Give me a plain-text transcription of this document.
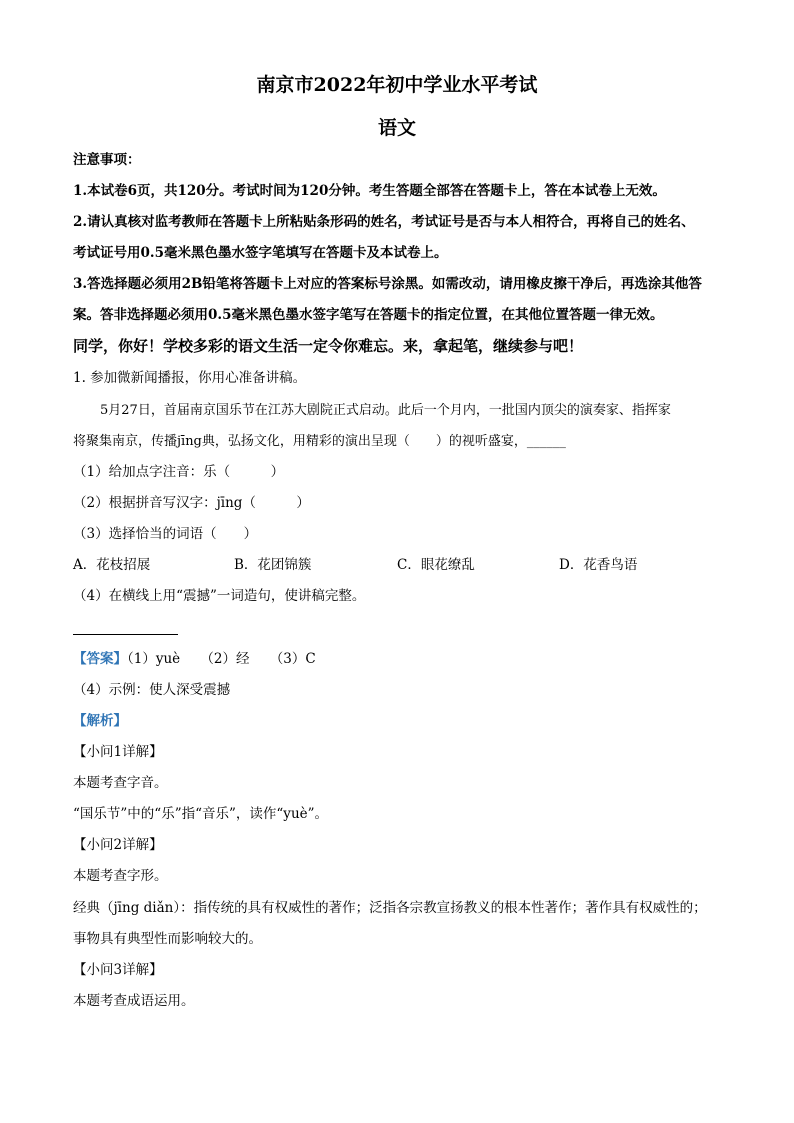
南京市2022年初中学业水平考试
语文
注意事项：
1.本试卷6页，共120分。考试时间为120分钟。考生答题全部答在答题卡上，答在本试卷上无效。
2.请认真核对监考教师在答题卡上所粘贴条形码的姓名，考试证号是否与本人相符合，再将自己的姓名、
考试证号用0.5毫米黑色墨水签字笔填写在答题卡及本试卷上。
3.答选择题必须用2B铅笔将答题卡上对应的答案标号涂黑。如需改动，请用橡皮擦干净后，再选涂其他答
案。答非选择题必须用0.5毫米黑色墨水签字笔写在答题卡的指定位置，在其他位置答题一律无效。
同学，你好！学校多彩的语文生活一定令你难忘。来，拿起笔，继续参与吧！
1. 参加微新闻播报，你用心准备讲稿。
5月27日，首届南京国乐节在江苏大剧院正式启动。此后一个月内，一批国内顶尖的演奏家、指挥家
将聚集南京，传播jīng典，弘扬文化，用精彩的演出呈现（　　）的视听盛宴，______
（1）给加点字注音：乐（　　　）
（2）根据拼音写汉字：jīng（　　　）
（3）选择恰当的词语（　　）
A．花枝招展	B．花团锦簇	C．眼花缭乱	D．花香鸟语
（4）在横线上用“震撼”一词造句，使讲稿完整。
【答案】（1）yuè　　（2）经　　（3）C
（4）示例：使人深受震撼
【解析】
【小问1详解】
本题考查字音。
“国乐节”中的“乐”指“音乐”，读作“yuè”。
【小问2详解】
本题考查字形。
经典（jīng diǎn）：指传统的具有权威性的著作；泛指各宗教宣扬教义的根本性著作；著作具有权威性的；
事物具有典型性而影响较大的。
【小问3详解】
本题考查成语运用。
